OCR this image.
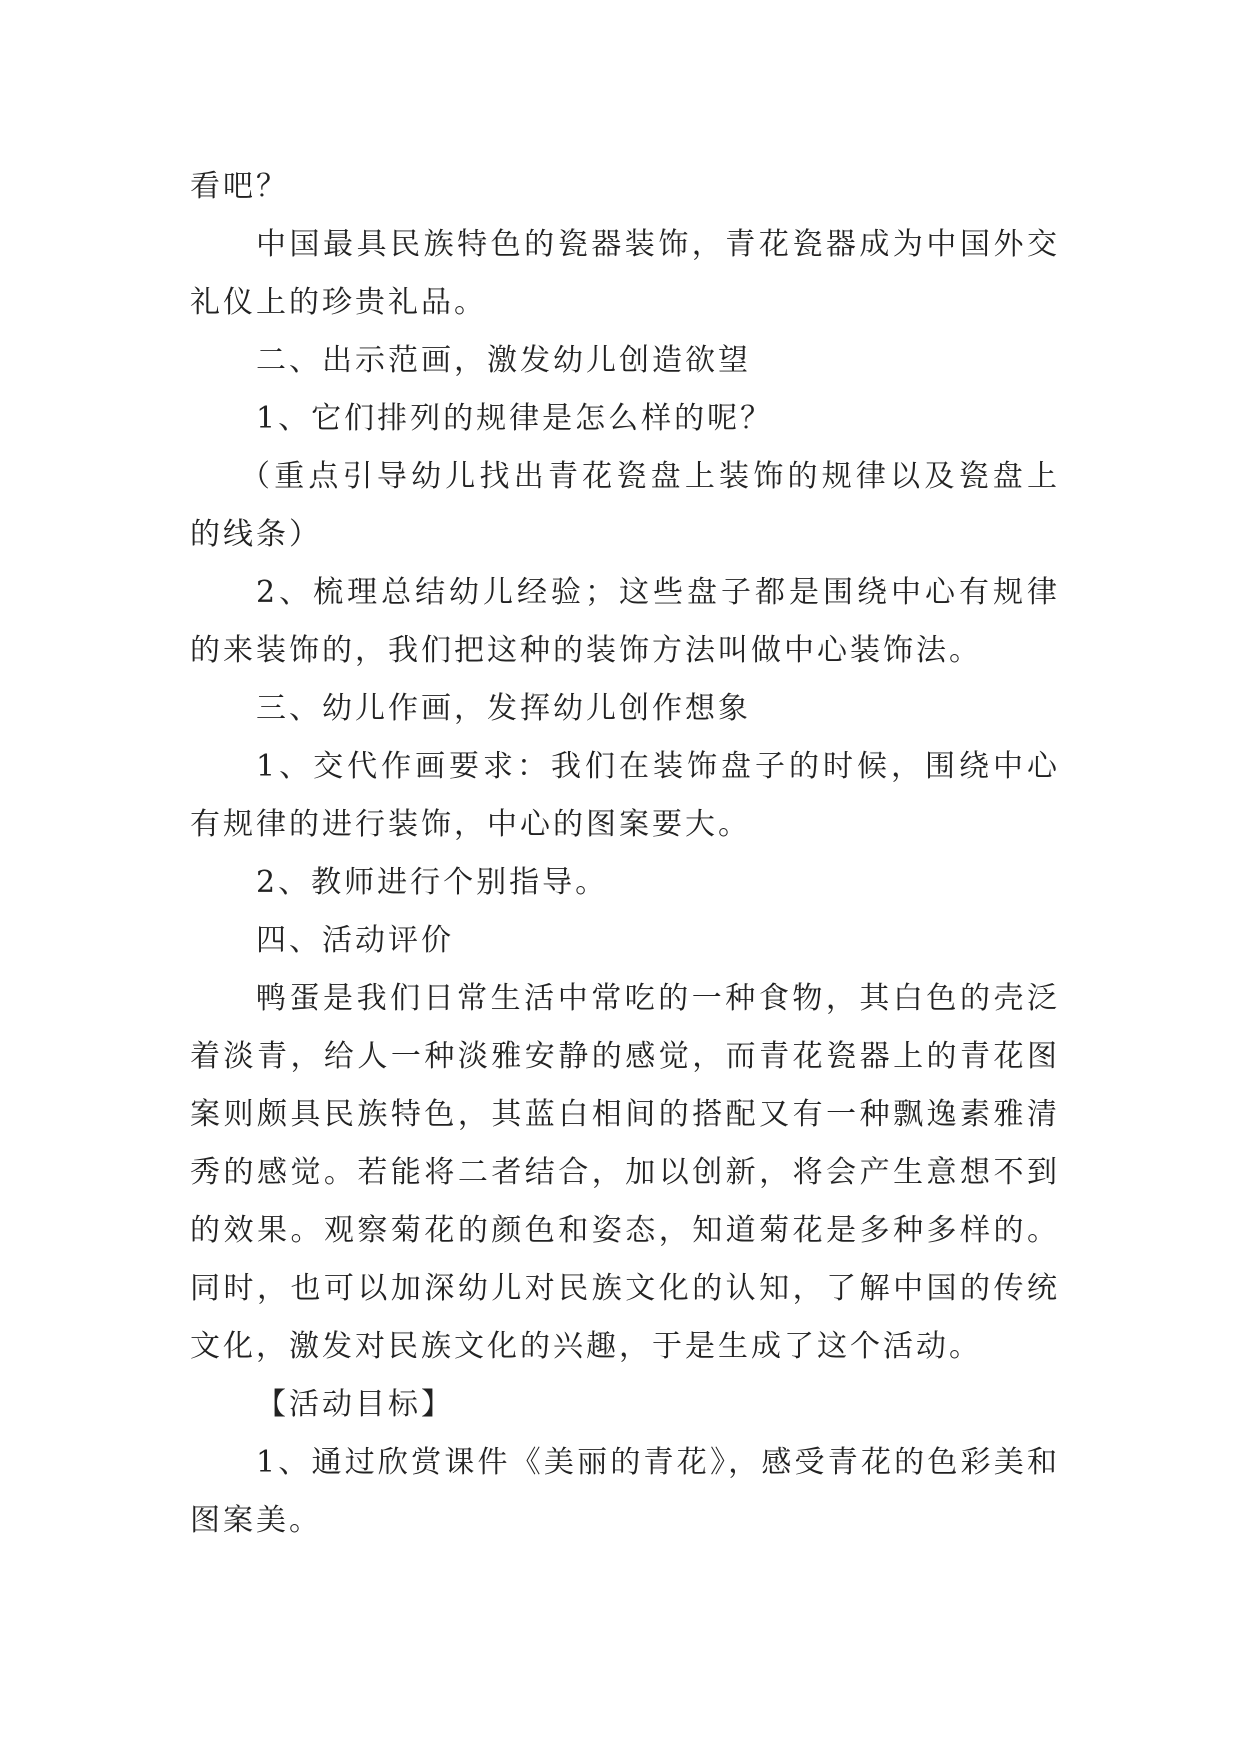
看吧？

中国最具民族特色的瓷器装饰，青花瓷器成为中国外交礼仪上的珍贵礼品。

二、出示范画，激发幼儿创造欲望

1、它们排列的规律是怎么样的呢？

（重点引导幼儿找出青花瓷盘上装饰的规律以及瓷盘上的线条）

2、梳理总结幼儿经验；这些盘子都是围绕中心有规律的来装饰的，我们把这种的装饰方法叫做中心装饰法。

三、幼儿作画，发挥幼儿创作想象

1、交代作画要求：我们在装饰盘子的时候，围绕中心有规律的进行装饰，中心的图案要大。

2、教师进行个别指导。

四、活动评价

鸭蛋是我们日常生活中常吃的一种食物，其白色的壳泛着淡青，给人一种淡雅安静的感觉，而青花瓷器上的青花图案则颇具民族特色，其蓝白相间的搭配又有一种飘逸素雅清秀的感觉。若能将二者结合，加以创新，将会产生意想不到的效果。观察菊花的颜色和姿态，知道菊花是多种多样的。同时，也可以加深幼儿对民族文化的认知，了解中国的传统文化，激发对民族文化的兴趣，于是生成了这个活动。

【活动目标】

1、通过欣赏课件《美丽的青花》，感受青花的色彩美和图案美。
